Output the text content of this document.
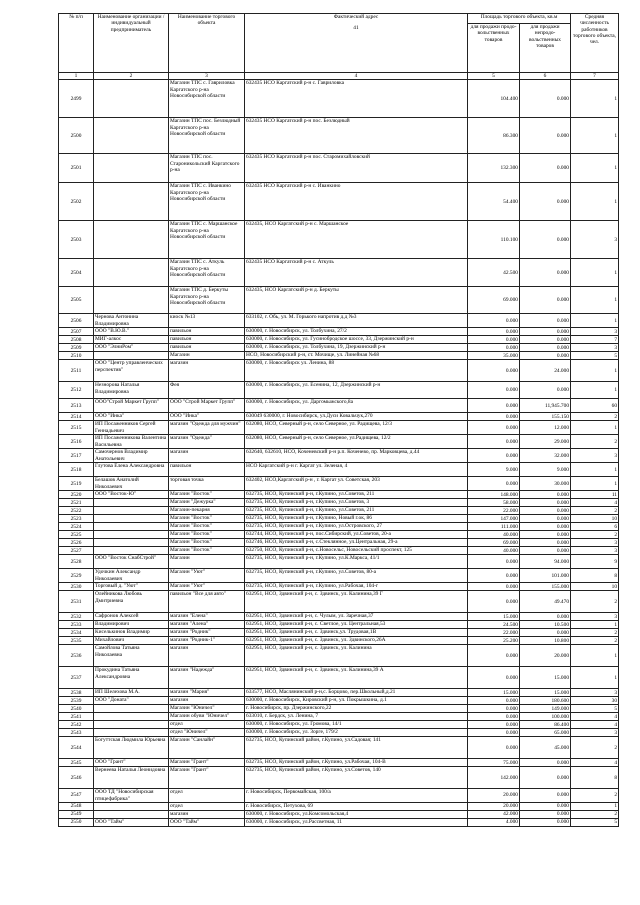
№ п/п	Наименование организации / индивидуальный предприниматель	Наименование торгового объекта	Фактический адрес
41	Площадь торгового объекта, кв.м		Средняя численность работников торгового объекта, чел.
				для продажи продо-вольственных товаров	для продажи непродо-вольственных товаров	
1	2	3	4	5	6	7
2499		Магазин ТПС с. Гавриловка Каргатского р-на Новосибирской области	632435 НСО Каргатский р-н с. Гавриловка	104.400	0.000	1
2500		Магазин ТПС пос. Безлюдный Каргатского р-на Новосибирской области	632435 НСО Каргатский р-н пос. Безлюдный	86.300	0.000	1
2501		Магазин ТПС пос. Староникольский Каргатского р-на	632435 НСО Каргатский р-н пос. Старомихайловский	132.300	0.000	1
2502		Магазин ТПС с. Иванкино Каргатского р-на Новосибирской области	632435 НСО Каргатский р-н с. Иванкино	54.400	0.000	1
2503		Магазин ТПС с. Маршанское Каргатского р-на Новосибирской области	632435, НСО Каргатский р-н с. Маршанское	110.100	0.000	3
2504		Магазин ТПС с. Аткуль Каргатского р-на Новосибирской области	632435 НСО Каргатский р-н с. Аткуль	42.500	0.000	1
2505		Магазин ТПС д. Беркуты Каргатского р-на Новосибирской области	632435, НСО Каргатский р-н д. Беркуты	69.000	0.000	1
2506	Чернова Антонина Владимировна	киоск №13	633102, г. Обь, ул. М. Горького напротив д.д №3	0.000	0.000	1
2507	ООО "В.Ю.В."	павильон	630000, г. Новосибирск, ул. Толбухина, 27/2	0.000	0.000	3
2508	МИГ-алкос	павильон	630000, г. Новосибирск, ул. Гусинобродское шоссе, 33, Дзержинский р-н	0.000	0.000	7
2509	ООО "ЭлниРом"	павильон	630000, г. Новосибирск, ул. Толбухина, 19, Дзержинский р-н	0.000	0.000	3
2510		Магазин	НСО, Новосибирский р-н, ст. Мочище, ул. Линейная №68	35.000	0.000	5
2511	ООО "Центр управленческих перспектив"	магазин	630000, г. Новосибирск ул. Ленина, 88	0.000	24.000	1
2512	Незнорова Наталья Владимировна	Фея	630000, г. Новосибирск, ул. Есенина, 12, Дзержинский р-н	0.000	0.000	1
2513	ООО"Строй Маркет Групп"	ООО "Строй Маркет Групп"	630000, г. Новосибирск, ул. Даргомыжского,8а	0.000	11,945.700	60
2514	ООО "Инка"	ООО "Инка"	630049 630000, г. Новосибирск, ул.Дуси Ковальчук,270	0.000	155.150	2
2515	ИП Посаженников Сергей Геннадьевич	магазин "Одежда для мужчин"	632080, НСО, Северный р-н, село Северное, ул. Радищева, 12/3	0.000	12.000	1
2516	ИП Посаженникова Валентина Васильевна	магазин "Одежда"	632080, НСО, Северный р-н, село Северное, ул.Радищева, 12/2	0.000	29.000	2
2517	Самочернов Владимир Анатольевич	магазин	632640, 632610, НСО, Коченевский р-н р.п. Коченево, пр. Марковцева, д.44	0.000	32.000	3
2518	Глутова Елена Александровна	павильон	НСО Каргатский р-н г. Каргат ул. Зеленая, 4	9.000	9.000	1
2519	Белашов Анатолий Николаевич	торговая точка	632402, НСО,Каргатский р-н , г. Каргат ул. Советская, 203	0.000	30.000	1
2520	ООО "Восток-Ю"	Магазин "Восток"	632735, НСО, Купинский р-н, г.Купино, ул.Советов, 211	148.000	0.000	11
2521		Магазин "Дежурка"	632735, НСО, Купинский р-н, г.Купино, ул.Советов, 3	58.000	0.000	4
2522		Магазин-пекарня	632735, НСО, Купинский р-н, г.Купино, ул.Советов, 211	22.000	0.000	2
2523		Магазин "Восток"	632735, НСО, Купинский р-н, г.Купино, Новый г.ок, 86	147.000	0.000	10
2524		Магазин "Восток"	632735, НСО, Купинский р-н, г.Купино, ул.Островского, 27	111.000	0.000	6
2525		Магазин "Восток"	632744, НСО, Купинский р-н, пос.Сибирский, ул.Советов, 20-а	40.000	0.000	2
2526		Магазин "Восток"	632746, НСО, Купинский р-н, с.Стеклянное, ул.Центральная, 29-а	69.000	0.000	3
2527		Магазин "Восток"	632750, НСО, Купинский р-н, с.Новосельс, Новосельский проспект, 125	40.000	0.000	3
2528	ООО "Восток СнабСтрой"	Магазин	632735, НСО, Купинский р-н, г.Купино, ул.К.Маркса, 41/1	0.000	94.000	9
2529	Удочкин Александр Николаевич	Магазин "Уют"	632735, НСО, Купинский р-н, г.Купино, ул.Советов, 80-а	0.000	101.000	8
2530	Торговый д. "Уют"	Магазин "Уют"	632735, НСО, Купинский р-н, г.Купино, ул.Рабочая, 104-г	0.000	155.000	10
2531	Олейникова Любовь Дмитриевна	павильон "Все для авто"	632951, НСО, Здвинский р-н, с. Здвинск, ул. Калинина,39 Г	0.000	49.470	2
2532	Сафронов Алексей	магазин "Елена"	632951, НСО, Здвинский р-н, с. Чулым, ул. Заречная,37	15.000	0.000	3
2533	Владимирович	магазин "Алена"	632951, НСО, Здвинский р-н, с. Светлое, ул. Центральная,53	24.500	10.500	1
2534	Киселькинов Владимир	магазин "Родник"	632951, НСО, Здвинский р-н, с. Здвинск,ул. Трудовая,1В	22.000	0.000	2
2535	Михайлович	магазин "Родник-1"	632951, НСО, Здвинский р-н, с. Здвинск, ул. Здвинского,26А	25.200	10.800	2
2536	Самойлова Татьяна Николаевна	магазин	632951, НСО, Здвинский р-н, с. Здвинск, ул. Калинина	0.000	20.000	1
2537	Прокудина Татьяна Александровна	магазин "Надежда"	632951, НСО, Здвинский р-н, с. Здвинск, ул. Калинина,39 А	0.000	15.000	1
2538	ИП Шелехова М.А.	магазин "Мария"	633577, НСО, Маслянинский р-н,с. Борцово, пер.Школьный,д.21	15.000	15.000	3
2539	ООО "Доната"	магазин	630000, г. Новосибирск, Кировский р-н, ул. Покрышкина, д.1	0.000	180.600	30
2540		Магазин "Юничел"	г. Новосибирск, пр. Дзержинского,22	0.000	149.000	5
2541		Магазин обуви "Юничел"	633010, г. Бердск, ул. Ленина, 7	0.000	100.000	4
2542		отдел	630000, г. Новосибирск, ул. Громова, 14/1	0.000	86.400	4
2543		отдел "Юничел"	630000, г. Новосибирск, ул. Зорге, 179/2	0.000	65.000	3
2544	Богуттская Людмила Юрьевна	Магазин "Санлайн"	632735, НСО, Купинский район, г.Купино, ул.Садовая; 141	0.000	45.000	2
2545	ООО "Грант"	Магазин "Грант"	632735, НСО, Купинский район, г.Купино, ул.Рабочая, 104-В	75.000	0.000	4
2546	Вернеева Наталья Леонидовна	Магазин "Грант"	632735, НСО, Купинский район, г.Купино, ул.Советов, 140	142.000	0.000	8
2547	ООО ТД "Новосибирская птицефабрика"	отдел	г. Новосибирск, Первомайская, 100/а	20.000	0.000	2
2548		отдел	г. Новосибирск, Петухова, 69	20.000	0.000	1
2549		магазин	630000, г. Новосибирск, ул.Комсомольская,4	42.000	0.000	2
2550	ООО "Тайм"	ООО "Тайм"	630000, г. Новосибирск, ул.Рассветная, 11	4.000	0.000	5
